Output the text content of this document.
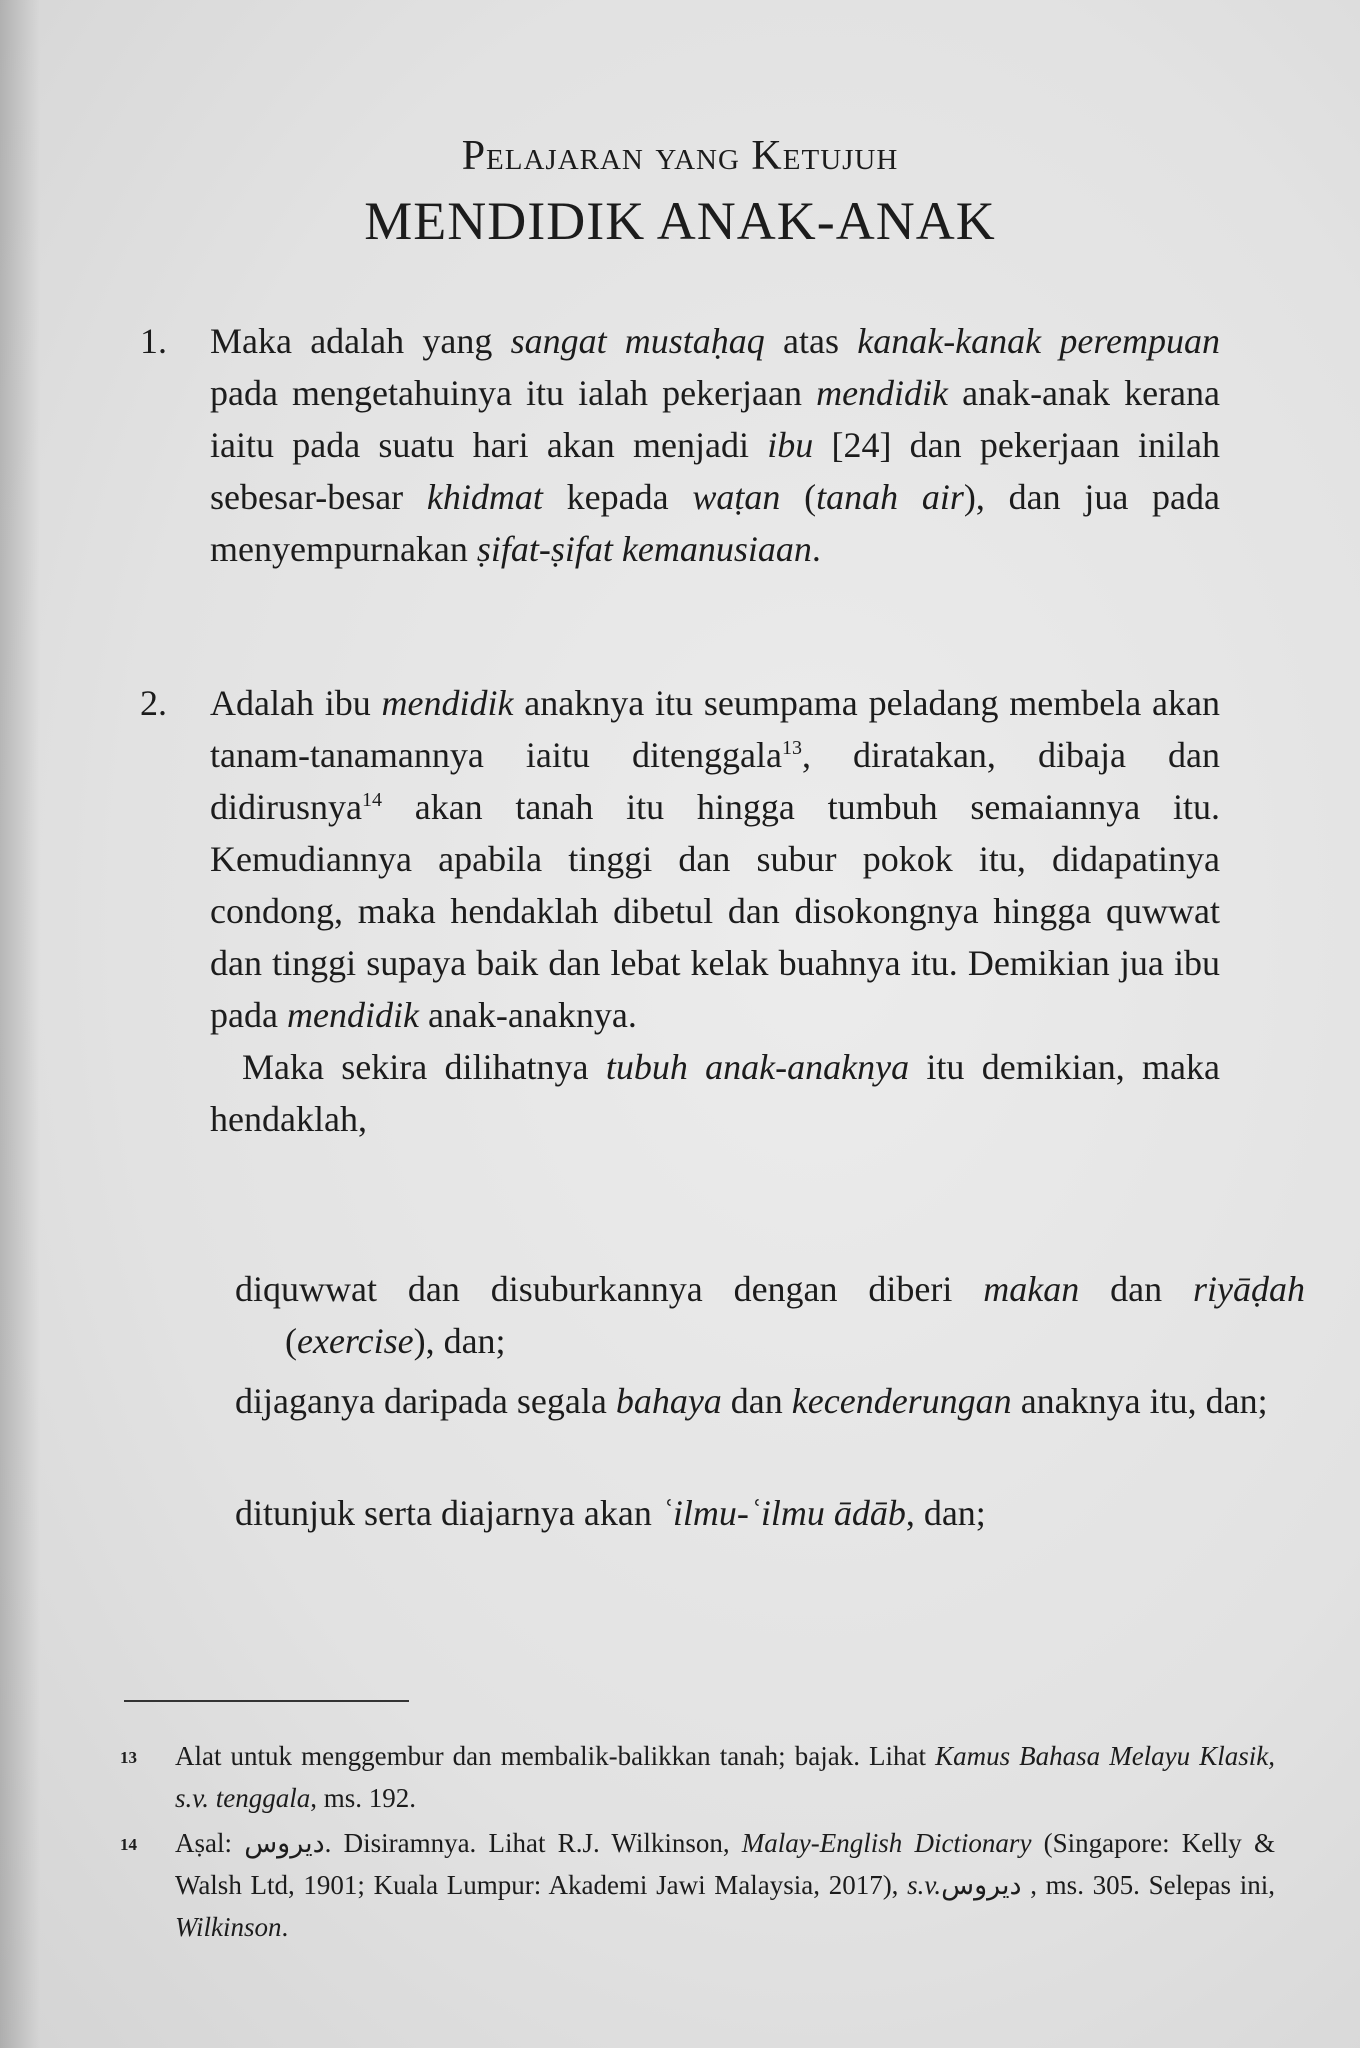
Pelajaran yang Ketujuh
MENDIDIK ANAK-ANAK
1. Maka adalah yang sangat mustaḥaq atas kanak-kanak perempuan pada mengetahuinya itu ialah pekerjaan mendidik anak-anak kerana iaitu pada suatu hari akan menjadi ibu [24] dan pekerjaan inilah sebesar-besar khidmat kepada waṭan (tanah air), dan jua pada menyempurnakan ṣifat-ṣifat kemanusiaan.
2. Adalah ibu mendidik anaknya itu seumpama peladang membela akan tanam-tanamannya iaitu ditenggala$^{13}$, diratakan, dibaja dan didirusnya$^{14}$ akan tanah itu hingga tumbuh semaiannya itu. Kemudiannya apabila tinggi dan subur pokok itu, didapatinya condong, maka hendaklah dibetul dan disokongnya hingga quwwat dan tinggi supaya baik dan lebat kelak buahnya itu. Demikian jua ibu pada mendidik anak-anaknya.
Maka sekira dilihatnya tubuh anak-anaknya itu demikian, maka hendaklah,
diquwwat dan disuburkannya dengan diberi makan dan riyāḍah (exercise), dan;
dijaganya daripada segala bahaya dan kecenderungan anaknya itu, dan;
ditunjuk serta diajarnya akan ʿilmu-ʿilmu ādāb, dan;
13 Alat untuk menggembur dan membalik-balikkan tanah; bajak. Lihat Kamus Bahasa Melayu Klasik, s.v. tenggala, ms. 192.
14 Aṣal: دیروس. Disiramnya. Lihat R.J. Wilkinson, Malay-English Dictionary (Singapore: Kelly & Walsh Ltd, 1901; Kuala Lumpur: Akademi Jawi Malaysia, 2017), s.v.دیروس , ms. 305. Selepas ini, Wilkinson.
